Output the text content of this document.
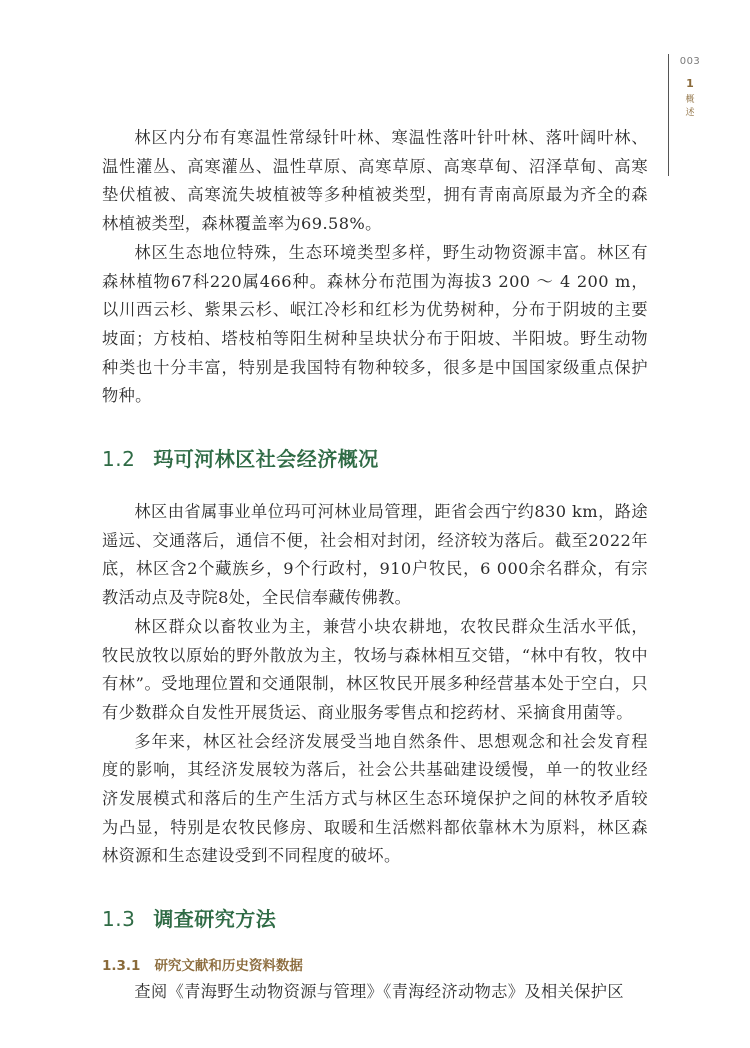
003
1
概述

林区内分布有寒温性常绿针叶林、寒温性落叶针叶林、落叶阔叶林、温性灌丛、高寒灌丛、温性草原、高寒草原、高寒草甸、沼泽草甸、高寒垫伏植被、高寒流失坡植被等多种植被类型，拥有青南高原最为齐全的森林植被类型，森林覆盖率为69.58%。

林区生态地位特殊，生态环境类型多样，野生动物资源丰富。林区有森林植物67科220属466种。森林分布范围为海拔3 200 ～ 4 200 m，以川西云杉、紫果云杉、岷江冷杉和红杉为优势树种，分布于阴坡的主要坡面；方枝柏、塔枝柏等阳生树种呈块状分布于阳坡、半阳坡。野生动物种类也十分丰富，特别是我国特有物种较多，很多是中国国家级重点保护物种。

1.2 玛可河林区社会经济概况

林区由省属事业单位玛可河林业局管理，距省会西宁约830 km，路途遥远、交通落后，通信不便，社会相对封闭，经济较为落后。截至2022年底，林区含2个藏族乡，9个行政村，910户牧民，6 000余名群众，有宗教活动点及寺院8处，全民信奉藏传佛教。

林区群众以畜牧业为主，兼营小块农耕地，农牧民群众生活水平低，牧民放牧以原始的野外散放为主，牧场与森林相互交错，“林中有牧，牧中有林”。受地理位置和交通限制，林区牧民开展多种经营基本处于空白，只有少数群众自发性开展货运、商业服务零售点和挖药材、采摘食用菌等。

多年来，林区社会经济发展受当地自然条件、思想观念和社会发育程度的影响，其经济发展较为落后，社会公共基础建设缓慢，单一的牧业经济发展模式和落后的生产生活方式与林区生态环境保护之间的林牧矛盾较为凸显，特别是农牧民修房、取暖和生活燃料都依靠林木为原料，林区森林资源和生态建设受到不同程度的破坏。

1.3 调查研究方法
1.3.1 研究文献和历史资料数据

查阅《青海野生动物资源与管理》《青海经济动物志》及相关保护区
